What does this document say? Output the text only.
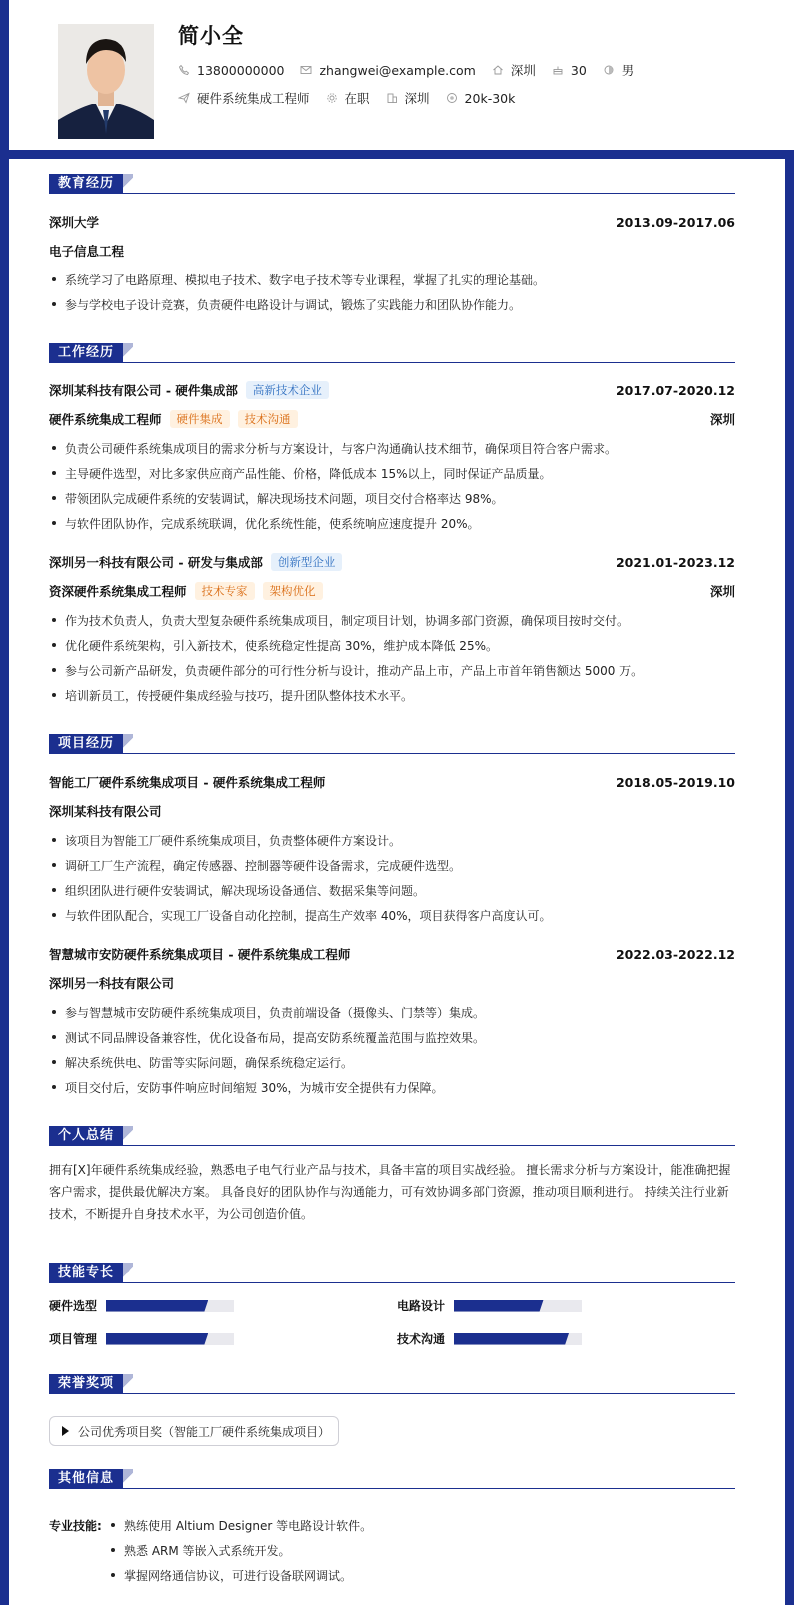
简小全
13800000000	zhangwei@example.com	深圳	30	男
硬件系统集成工程师	在职	深圳	20k-30k
教育经历
深圳大学	2013.09-2017.06
电子信息工程
系统学习了电路原理、模拟电子技术、数字电子技术等专业课程，掌握了扎实的理论基础。
参与学校电子设计竞赛，负责硬件电路设计与调试，锻炼了实践能力和团队协作能力。
工作经历
深圳某科技有限公司 - 硬件集成部	高新技术企业	2017.07-2020.12
硬件系统集成工程师	硬件集成	技术沟通	深圳
负责公司硬件系统集成项目的需求分析与方案设计，与客户沟通确认技术细节，确保项目符合客户需求。
主导硬件选型，对比多家供应商产品性能、价格，降低成本 15%以上，同时保证产品质量。
带领团队完成硬件系统的安装调试，解决现场技术问题，项目交付合格率达 98%。
与软件团队协作，完成系统联调，优化系统性能，使系统响应速度提升 20%。
深圳另一科技有限公司 - 研发与集成部	创新型企业	2021.01-2023.12
资深硬件系统集成工程师	技术专家	架构优化	深圳
作为技术负责人，负责大型复杂硬件系统集成项目，制定项目计划，协调多部门资源，确保项目按时交付。
优化硬件系统架构，引入新技术，使系统稳定性提高 30%，维护成本降低 25%。
参与公司新产品研发，负责硬件部分的可行性分析与设计，推动产品上市，产品上市首年销售额达 5000 万。
培训新员工，传授硬件集成经验与技巧，提升团队整体技术水平。
项目经历
智能工厂硬件系统集成项目 - 硬件系统集成工程师	2018.05-2019.10
深圳某科技有限公司
该项目为智能工厂硬件系统集成项目，负责整体硬件方案设计。
调研工厂生产流程，确定传感器、控制器等硬件设备需求，完成硬件选型。
组织团队进行硬件安装调试，解决现场设备通信、数据采集等问题。
与软件团队配合，实现工厂设备自动化控制，提高生产效率 40%，项目获得客户高度认可。
智慧城市安防硬件系统集成项目 - 硬件系统集成工程师	2022.03-2022.12
深圳另一科技有限公司
参与智慧城市安防硬件系统集成项目，负责前端设备（摄像头、门禁等）集成。
测试不同品牌设备兼容性，优化设备布局，提高安防系统覆盖范围与监控效果。
解决系统供电、防雷等实际问题，确保系统稳定运行。
项目交付后，安防事件响应时间缩短 30%，为城市安全提供有力保障。
个人总结
拥有[X]年硬件系统集成经验，熟悉电子电气行业产品与技术，具备丰富的项目实战经验。 擅长需求分析与方案设计，能准确把握客户需求，提供最优解决方案。 具备良好的团队协作与沟通能力，可有效协调多部门资源，推动项目顺利进行。 持续关注行业新技术，不断提升自身技术水平，为公司创造价值。
技能专长
硬件选型	电路设计
项目管理	技术沟通
荣誉奖项
公司优秀项目奖（智能工厂硬件系统集成项目）
其他信息
专业技能:	熟练使用 Altium Designer 等电路设计软件。
熟悉 ARM 等嵌入式系统开发。
掌握网络通信协议，可进行设备联网调试。
